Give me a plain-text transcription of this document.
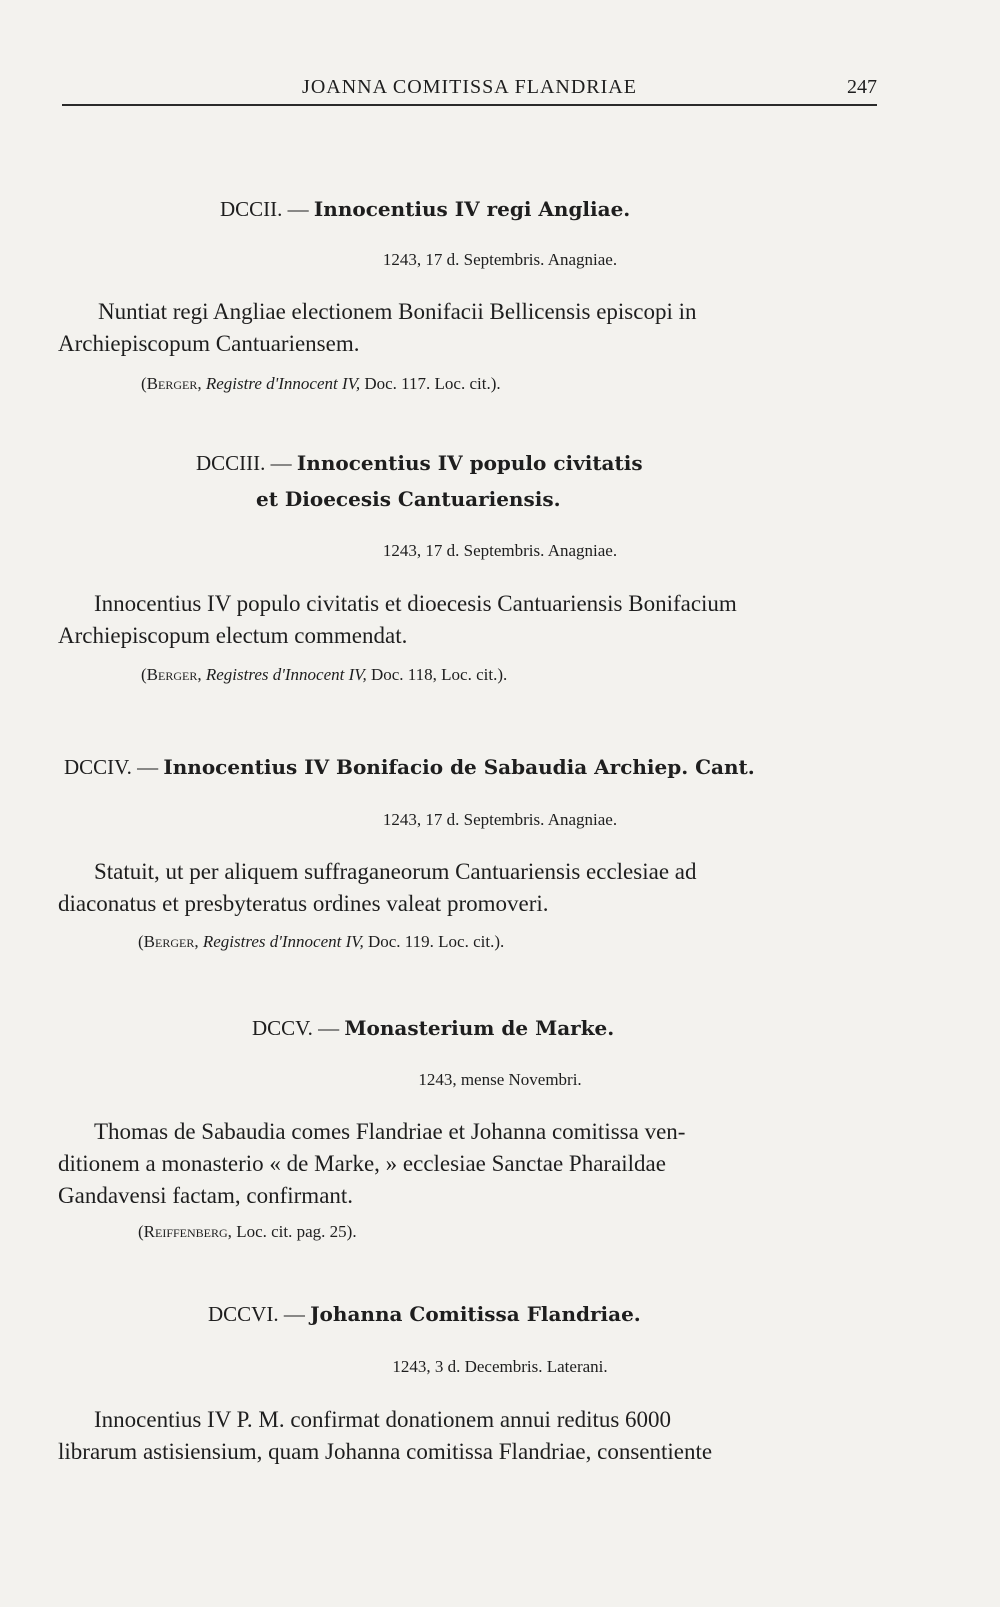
JOANNA COMITISSA FLANDRIAE	247
DCCII. — Innocentius IV regi Angliae.
1243, 17 d. Septembris. Anagniae.
Nuntiat regi Angliae electionem Bonifacii Bellicensis episcopi in
Archiepiscopum Cantuariensem.
(Berger, Registre d'Innocent IV, Doc. 117. Loc. cit.).
DCCIII. — Innocentius IV populo civitatis
et Dioecesis Cantuariensis.
1243, 17 d. Septembris. Anagniae.
Innocentius IV populo civitatis et dioecesis Cantuariensis Bonifacium
Archiepiscopum electum commendat.
(Berger, Registres d'Innocent IV, Doc. 118, Loc. cit.).
DCCIV. — Innocentius IV Bonifacio de Sabaudia Archiep. Cant.
1243, 17 d. Septembris. Anagniae.
Statuit, ut per aliquem suffraganeorum Cantuariensis ecclesiae ad
diaconatus et presbyteratus ordines valeat promoveri.
(Berger, Registres d'Innocent IV, Doc. 119. Loc. cit.).
DCCV. — Monasterium de Marke.
1243, mense Novembri.
Thomas de Sabaudia comes Flandriae et Johanna comitissa ven-
ditionem a monasterio « de Marke, » ecclesiae Sanctae Pharaildae
Gandavensi factam, confirmant.
(Reiffenberg, Loc. cit. pag. 25).
DCCVI. — Johanna Comitissa Flandriae.
1243, 3 d. Decembris. Laterani.
Innocentius IV P. M. confirmat donationem annui reditus 6000
librarum astisiensium, quam Johanna comitissa Flandriae, consentiente
